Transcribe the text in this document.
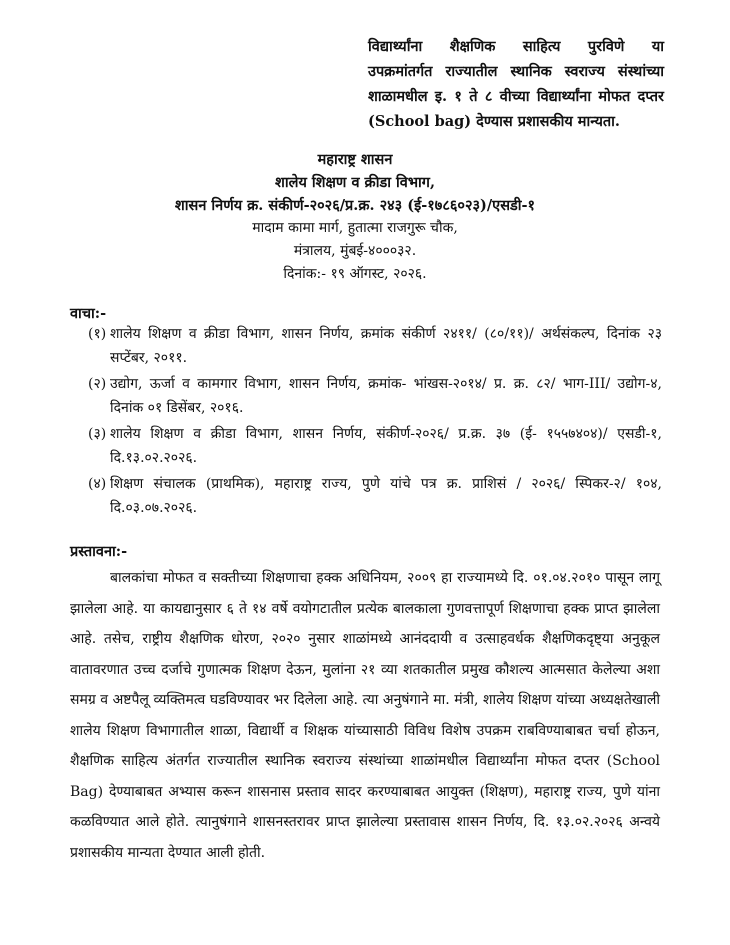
विद्यार्थ्यांना शैक्षणिक साहित्य पुरविणे या
उपक्रमांतर्गत राज्यातील स्थानिक स्वराज्य संस्थांच्या
शाळामधील इ. १ ते ८ वीच्या विद्यार्थ्यांना मोफत दप्तर
(School bag) देण्यास प्रशासकीय मान्यता.
महाराष्ट्र शासन
शालेय शिक्षण व क्रीडा विभाग,
शासन निर्णय क्र. संकीर्ण-२०२६/प्र.क्र. २४३ (ई-१७८६०२३)/एसडी-१
मादाम कामा मार्ग, हुतात्मा राजगुरू चौक,
मंत्रालय, मुंबई-४०००३२.
दिनांक:- १९ ऑगस्ट, २०२६.
वाचा:-
(१) शालेय शिक्षण व क्रीडा विभाग, शासन निर्णय, क्रमांक संकीर्ण २४११/ (८०/११)/ अर्थसंकल्प, दिनांक २३ सप्टेंबर, २०११.
(२) उद्योग, ऊर्जा व कामगार विभाग, शासन निर्णय, क्रमांक- भांखस-२०१४/ प्र. क्र. ८२/ भाग-III/ उद्योग-४, दिनांक ०१ डिसेंबर, २०१६.
(३) शालेय शिक्षण व क्रीडा विभाग, शासन निर्णय, संकीर्ण-२०२६/ प्र.क्र. ३७ (ई- १५५७४०४)/ एसडी-१, दि.१३.०२.२०२६.
(४) शिक्षण संचालक (प्राथमिक), महाराष्ट्र राज्य, पुणे यांचे पत्र क्र. प्राशिसं / २०२६/ स्पिकर-२/ १०४, दि.०३.०७.२०२६.
प्रस्तावना:-
बालकांचा मोफत व सक्तीच्या शिक्षणाचा हक्क अधिनियम, २००९ हा राज्यामध्ये दि. ०१.०४.२०१० पासून लागू झालेला आहे. या कायद्यानुसार ६ ते १४ वर्षे वयोगटातील प्रत्येक बालकाला गुणवत्तापूर्ण शिक्षणाचा हक्क प्राप्त झालेला आहे. तसेच, राष्ट्रीय शैक्षणिक धोरण, २०२० नुसार शाळांमध्ये आनंददायी व उत्साहवर्धक शैक्षणिकदृष्ट्या अनुकूल वातावरणात उच्च दर्जाचे गुणात्मक शिक्षण देऊन, मुलांना २१ व्या शतकातील प्रमुख कौशल्य आत्मसात केलेल्या अशा समग्र व अष्टपैलू व्यक्तिमत्व घडविण्यावर भर दिलेला आहे. त्या अनुषंगाने मा. मंत्री, शालेय शिक्षण यांच्या अध्यक्षतेखाली शालेय शिक्षण विभागातील शाळा, विद्यार्थी व शिक्षक यांच्यासाठी विविध विशेष उपक्रम राबविण्याबाबत चर्चा होऊन, शैक्षणिक साहित्य अंतर्गत राज्यातील स्थानिक स्वराज्य संस्थांच्या शाळांमधील विद्यार्थ्यांना मोफत दप्तर (School Bag) देण्याबाबत अभ्यास करून शासनास प्रस्ताव सादर करण्याबाबत आयुक्त (शिक्षण), महाराष्ट्र राज्य, पुणे यांना कळविण्यात आले होते. त्यानुषंगाने शासनस्तरावर प्राप्त झालेल्या प्रस्तावास शासन निर्णय, दि. १३.०२.२०२६ अन्वये प्रशासकीय मान्यता देण्यात आली होती.
